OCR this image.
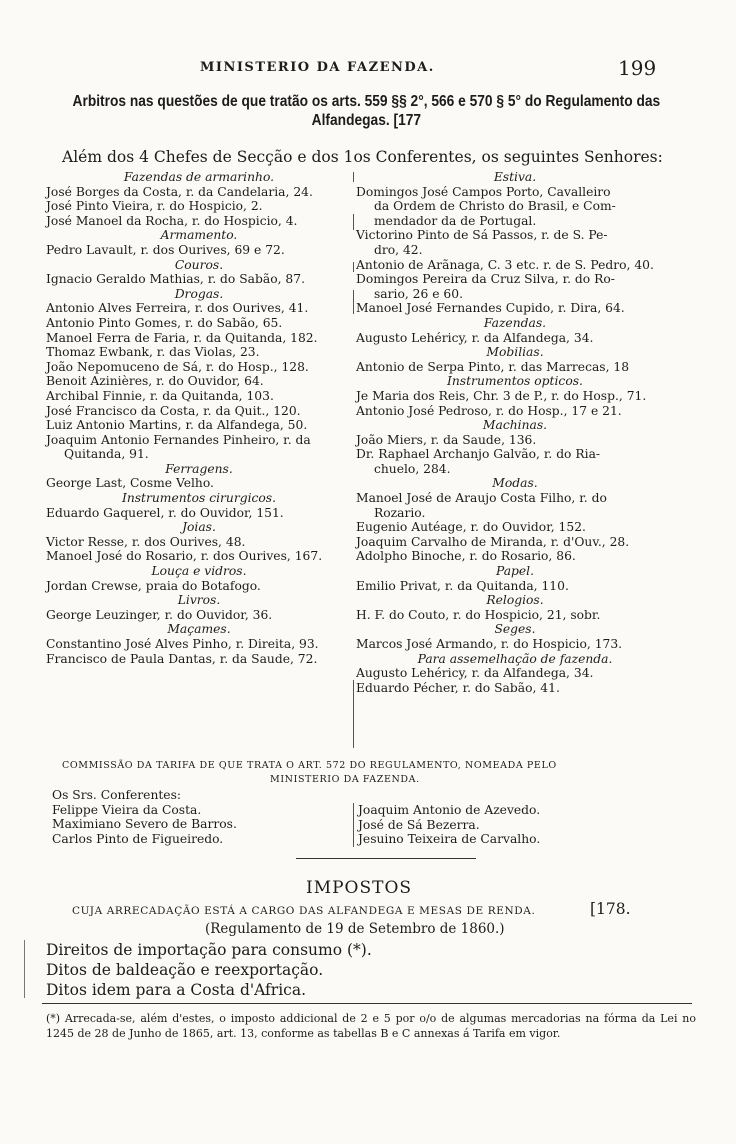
MINISTERIO DA FAZENDA.	199
Arbitros nas questões de que tratão os arts. 559 §§ 2°, 566 e 570 § 5° do Regulamento das Alfandegas. [177
Além dos 4 Chefes de Secção e dos 1os Conferentes, os seguintes Senhores:
Fazendas de armarinho.
José Borges da Costa, r. da Candelaria, 24.
José Pinto Vieira, r. do Hospicio, 2.
José Manoel da Rocha, r. do Hospicio, 4.
Armamento.
Pedro Lavault, r. dos Ourives, 69 e 72.
Couros.
Ignacio Geraldo Mathias, r. do Sabão, 87.
Drogas.
Antonio Alves Ferreira, r. dos Ourives, 41.
Antonio Pinto Gomes, r. do Sabão, 65.
Manoel Ferra de Faria, r. da Quitanda, 182.
Thomaz Ewbank, r. das Violas, 23.
João Nepomuceno de Sá, r. do Hosp., 128.
Benoit Azinières, r. do Ouvidor, 64.
Archibal Finnie, r. da Quitanda, 103.
José Francisco da Costa, r. da Quit., 120.
Luiz Antonio Martins, r. da Alfandega, 50.
Joaquim Antonio Fernandes Pinheiro, r. da
Quitanda, 91.
Ferragens.
George Last, Cosme Velho.
Instrumentos cirurgicos.
Eduardo Gaquerel, r. do Ouvidor, 151.
Joias.
Victor Resse, r. dos Ourives, 48.
Manoel José do Rosario, r. dos Ourives, 167.
Louça e vidros.
Jordan Crewse, praia do Botafogo.
Livros.
George Leuzinger, r. do Ouvidor, 36.
Maçames.
Constantino José Alves Pinho, r. Direita, 93.
Francisco de Paula Dantas, r. da Saude, 72.
Estiva.
Domingos José Campos Porto, Cavalleiro
da Ordem de Christo do Brasil, e Com-
mendador da de Portugal.
Victorino Pinto de Sá Passos, r. de S. Pe-
dro, 42.
Antonio de Arãnaga, C. 3 etc. r. de S. Pedro, 40.
Domingos Pereira da Cruz Silva, r. do Ro-
sario, 26 e 60.
Manoel José Fernandes Cupido, r. Dira, 64.
Fazendas.
Augusto Lehéricy, r. da Alfandega, 34.
Mobilias.
Antonio de Serpa Pinto, r. das Marrecas, 18
Instrumentos opticos.
Je Maria dos Reis, Chr. 3 de P., r. do Hosp., 71.
Antonio José Pedroso, r. do Hosp., 17 e 21.
Machinas.
João Miers, r. da Saude, 136.
Dr. Raphael Archanjo Galvão, r. do Ria-
chuelo, 284.
Modas.
Manoel José de Araujo Costa Filho, r. do
Rozario.
Eugenio Autéage, r. do Ouvidor, 152.
Joaquim Carvalho de Miranda, r. d'Ouv., 28.
Adolpho Binoche, r. do Rosario, 86.
Papel.
Emilio Privat, r. da Quitanda, 110.
Relogios.
H. F. do Couto, r. do Hospicio, 21, sobr.
Seges.
Marcos José Armando, r. do Hospicio, 173.
Para assemelhação de fazenda.
Augusto Lehéricy, r. da Alfandega, 34.
Eduardo Pécher, r. do Sabão, 41.
COMMISSÃO DA TARIFA DE QUE TRATA O ART. 572 DO REGULAMENTO, NOMEADA PELO
MINISTERIO DA FAZENDA.
Os Srs. Conferentes:
Felippe Vieira da Costa.
Maximiano Severo de Barros.
Carlos Pinto de Figueiredo.
Joaquim Antonio de Azevedo.
José de Sá Bezerra.
Jesuino Teixeira de Carvalho.
IMPOSTOS
CUJA ARRECADAÇÃO ESTÁ A CARGO DAS ALFANDEGA E MESAS DE RENDA.	[178.
(Regulamento de 19 de Setembro de 1860.)
Direitos de importação para consumo (*).
Ditos de baldeação e reexportação.
Ditos idem para a Costa d'Africa.
(*) Arrecada-se, além d'estes, o imposto addicional de 2 e 5 por o/o de algumas mercadorias na fórma da Lei no 1245 de 28 de Junho de 1865, art. 13, conforme as tabellas B e C annexas á Tarifa em vigor.
